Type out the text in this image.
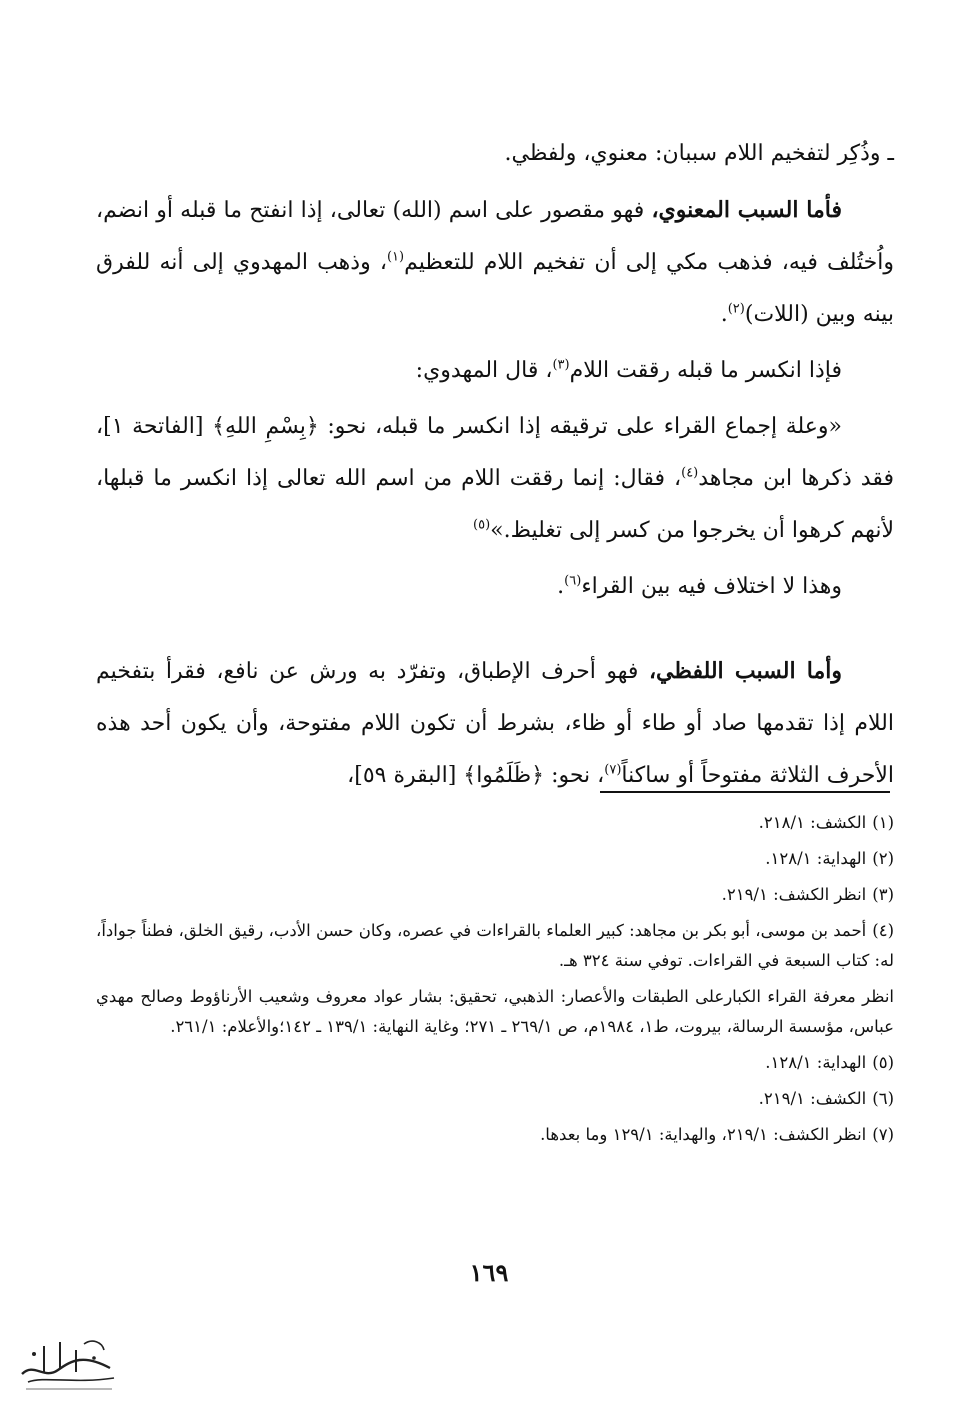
ـ وذُكِر لتفخيم اللام سببان: معنوي، ولفظي.

فأما السبب المعنوي، فهو مقصور على اسم (الله) تعالى، إذا انفتح ما قبله أو انضم، واُختُلف فيه، فذهب مكي إلى أن تفخيم اللام للتعظيم$^{(١)}$، وذهب المهدوي إلى أنه للفرق بينه وبين (اللات)$^{(٢)}$.

فإذا انكسر ما قبله رققت اللام$^{(٣)}$، قال المهدوي:

«وعلة إجماع القراء على ترقيقه إذا انكسر ما قبله، نحو: ﴿بِسْمِ اللهِ﴾ [الفاتحة ١]، فقد ذكرها ابن مجاهد$^{(٤)}$، فقال: إنما رققت اللام من اسم الله تعالى إذا انكسر ما قبلها، لأنهم كرهوا أن يخرجوا من كسر إلى تغليظ.»$^{(٥)}$

وهذا لا اختلاف فيه بين القراء$^{(٦)}$.

وأما السبب اللفظي، فهو أحرف الإطباق، وتفرّد به ورش عن نافع، فقرأ بتفخيم اللام إذا تقدمها صاد أو طاء أو ظاء، بشرط أن تكون اللام مفتوحة، وأن يكون أحد هذه الأحرف الثلاثة مفتوحاً أو ساكناً$^{(٧)}$، نحو: ﴿ظَلَمُوا﴾ [البقرة ٥٩]،

(١)الكشف: ٢١٨/١.

(٢)الهداية: ١٢٨/١.

(٣)انظر الكشف: ٢١٩/١.

(٤)أحمد بن موسى، أبو بكر بن مجاهد: كبير العلماء بالقراءات في عصره، وكان حسن الأدب، رقيق الخلق، فطناً جواداً، له: كتاب السبعة في القراءات. توفي سنة ٣٢٤ هـ.

انظر معرفة القراء الكبارعلى الطبقات والأعصار: الذهبي، تحقيق: بشار عواد معروف وشعيب الأرناؤوط وصالح مهدي عباس، مؤسسة الرسالة، بيروت، ط١، ١٩٨٤م، ص ٢٦٩/١ ـ ٢٧١؛ وغاية النهاية: ١٣٩/١ ـ ١٤٢؛والأعلام: ٢٦١/١.

(٥)الهداية: ١٢٨/١.

(٦)الكشف: ٢١٩/١.

(٧)انظر الكشف: ٢١٩/١، والهداية: ١٢٩/١ وما بعدها.

١٦٩
